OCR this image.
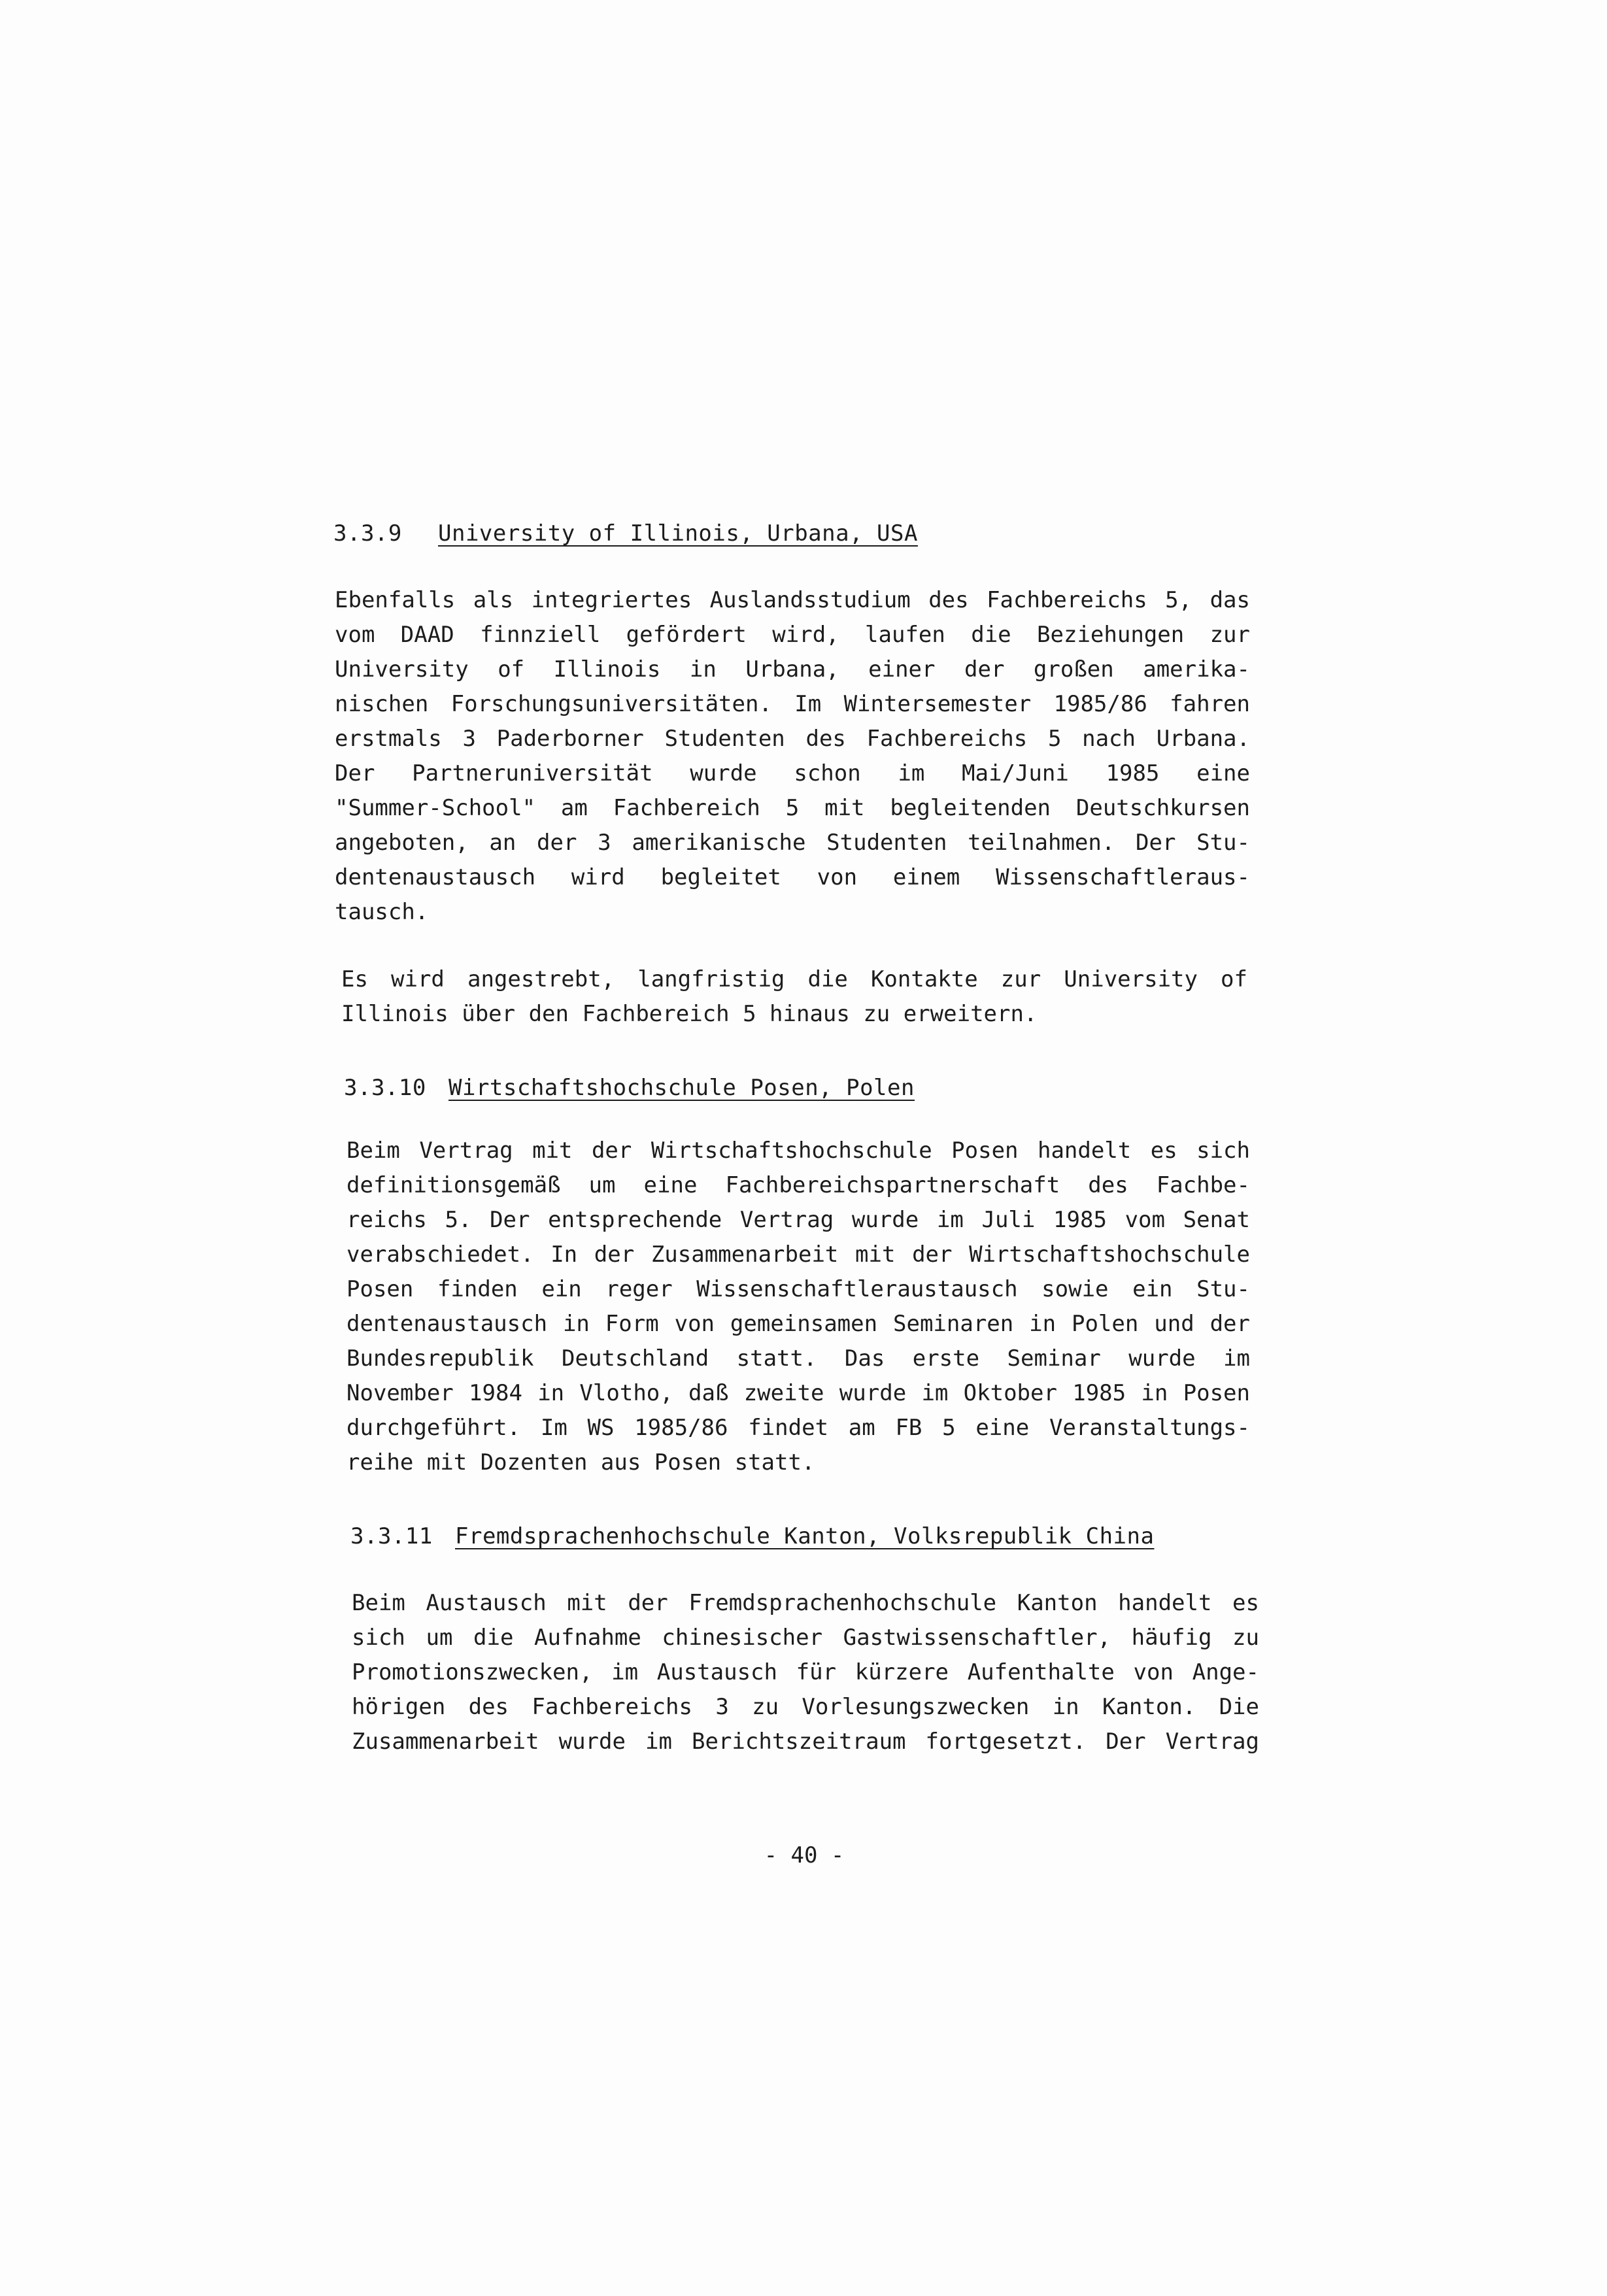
3.3.9 University of Illinois, Urbana, USA
Ebenfalls als integriertes Auslandsstudium des Fachbereichs 5, das
vom DAAD finnziell gefördert wird, laufen die Beziehungen zur
University of Illinois in Urbana, einer der großen amerika-
nischen Forschungsuniversitäten. Im Wintersemester 1985/86 fahren
erstmals 3 Paderborner Studenten des Fachbereichs 5 nach Urbana.
Der Partneruniversität wurde schon im Mai/Juni 1985 eine
"Summer-School" am Fachbereich 5 mit begleitenden Deutschkursen
angeboten, an der 3 amerikanische Studenten teilnahmen. Der Stu-
dentenaustausch wird begleitet von einem Wissenschaftleraus-
tausch.
Es wird angestrebt, langfristig die Kontakte zur University of
Illinois über den Fachbereich 5 hinaus zu erweitern.
3.3.10 Wirtschaftshochschule Posen, Polen
Beim Vertrag mit der Wirtschaftshochschule Posen handelt es sich
definitionsgemäß um eine Fachbereichspartnerschaft des Fachbe-
reichs 5. Der entsprechende Vertrag wurde im Juli 1985 vom Senat
verabschiedet. In der Zusammenarbeit mit der Wirtschaftshochschule
Posen finden ein reger Wissenschaftleraustausch sowie ein Stu-
dentenaustausch in Form von gemeinsamen Seminaren in Polen und der
Bundesrepublik Deutschland statt. Das erste Seminar wurde im
November 1984 in Vlotho, daß zweite wurde im Oktober 1985 in Posen
durchgeführt. Im WS 1985/86 findet am FB 5 eine Veranstaltungs-
reihe mit Dozenten aus Posen statt.
3.3.11 Fremdsprachenhochschule Kanton, Volksrepublik China
Beim Austausch mit der Fremdsprachenhochschule Kanton handelt es
sich um die Aufnahme chinesischer Gastwissenschaftler, häufig zu
Promotionszwecken, im Austausch für kürzere Aufenthalte von Ange-
hörigen des Fachbereichs 3 zu Vorlesungszwecken in Kanton. Die
Zusammenarbeit wurde im Berichtszeitraum fortgesetzt. Der Vertrag
- 40 -
